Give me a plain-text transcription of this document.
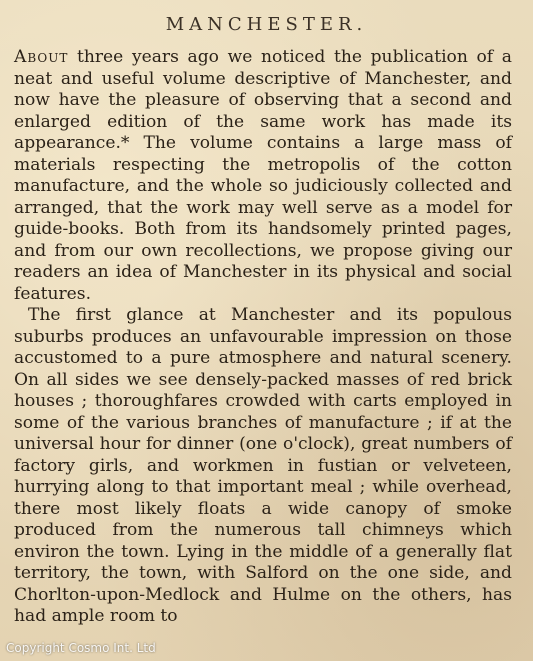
MANCHESTER.

About three years ago we noticed the publication of a neat and useful volume descriptive of Manchester, and now have the pleasure of observing that a second and enlarged edition of the same work has made its appearance.* The volume contains a large mass of materials respecting the metropolis of the cotton manufacture, and the whole so judiciously collected and arranged, that the work may well serve as a model for guide-books. Both from its handsomely printed pages, and from our own recollections, we propose giving our readers an idea of Manchester in its physical and social features.

The first glance at Manchester and its populous suburbs produces an unfavourable impression on those accustomed to a pure atmosphere and natural scenery. On all sides we see densely-packed masses of red brick houses ; thoroughfares crowded with carts employed in some of the various branches of manufacture ; if at the universal hour for dinner (one o'clock), great numbers of factory girls, and workmen in fustian or velveteen, hurrying along to that important meal ; while overhead, there most likely floats a wide canopy of smoke produced from the numerous tall chimneys which environ the town. Lying in the middle of a generally flat territory, the town, with Salford on the one side, and Chorlton-upon-Medlock and Hulme on the others, has had ample room to

Copyright Cosmo Int. Ltd
